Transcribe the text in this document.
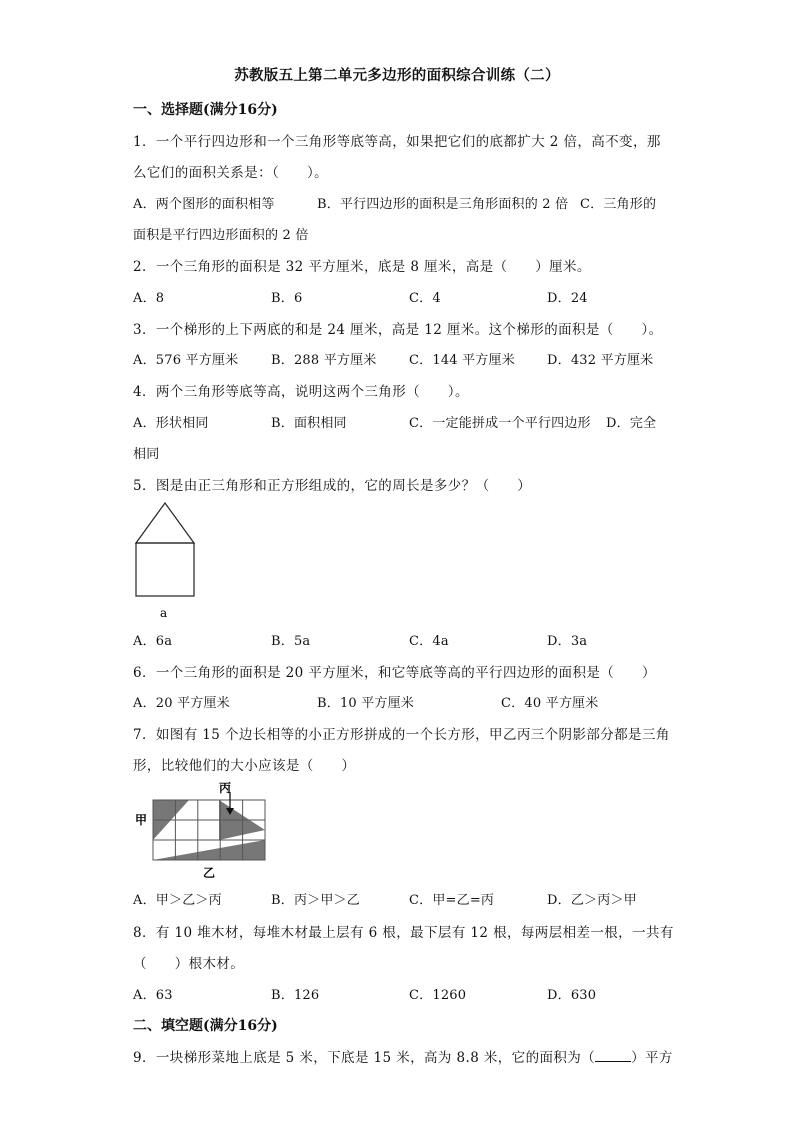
苏教版五上第二单元多边形的面积综合训练（二）
一、选择题(满分16分)
1．一个平行四边形和一个三角形等底等高，如果把它们的底都扩大 2 倍，高不变，那
么它们的面积关系是：（　　）。
A．两个图形的面积相等	B．平行四边形的面积是三角形面积的 2 倍 C．三角形的
面积是平行四边形面积的 2 倍
2．一个三角形的面积是 32 平方厘米，底是 8 厘米，高是（　　）厘米。
A．8	B．6	C．4	D．24
3．一个梯形的上下两底的和是 24 厘米，高是 12 厘米。这个梯形的面积是（　　）。
A．576 平方厘米	B．288 平方厘米	C．144 平方厘米 D．432 平方厘米
4．两个三角形等底等高，说明这两个三角形（　　）。
A．形状相同	B．面积相同	C．一定能拼成一个平行四边形 D．完全
相同
5．图是由正三角形和正方形组成的，它的周长是多少？（　　）
a
A．6a	B．5a	C．4a	D．3a
6．一个三角形的面积是 20 平方厘米，和它等底等高的平行四边形的面积是（　　）
A．20 平方厘米	B．10 平方厘米	C．40 平方厘米
7．如图有 15 个边长相等的小正方形拼成的一个长方形，甲乙丙三个阴影部分都是三角
形，比较他们的大小应该是（　　）
丙
甲
乙
A．甲＞乙＞丙	B．丙＞甲＞乙	C．甲=乙=丙	D．乙＞丙＞甲
8．有 10 堆木材，每堆木材最上层有 6 根，最下层有 12 根，每两层相差一根，一共有
（　　）根木材。
A．63	B．126	C．1260	D．630
二、填空题(满分16分)
9．一块梯形菜地上底是 5 米，下底是 15 米，高为 8.8 米，它的面积为（	）平方
